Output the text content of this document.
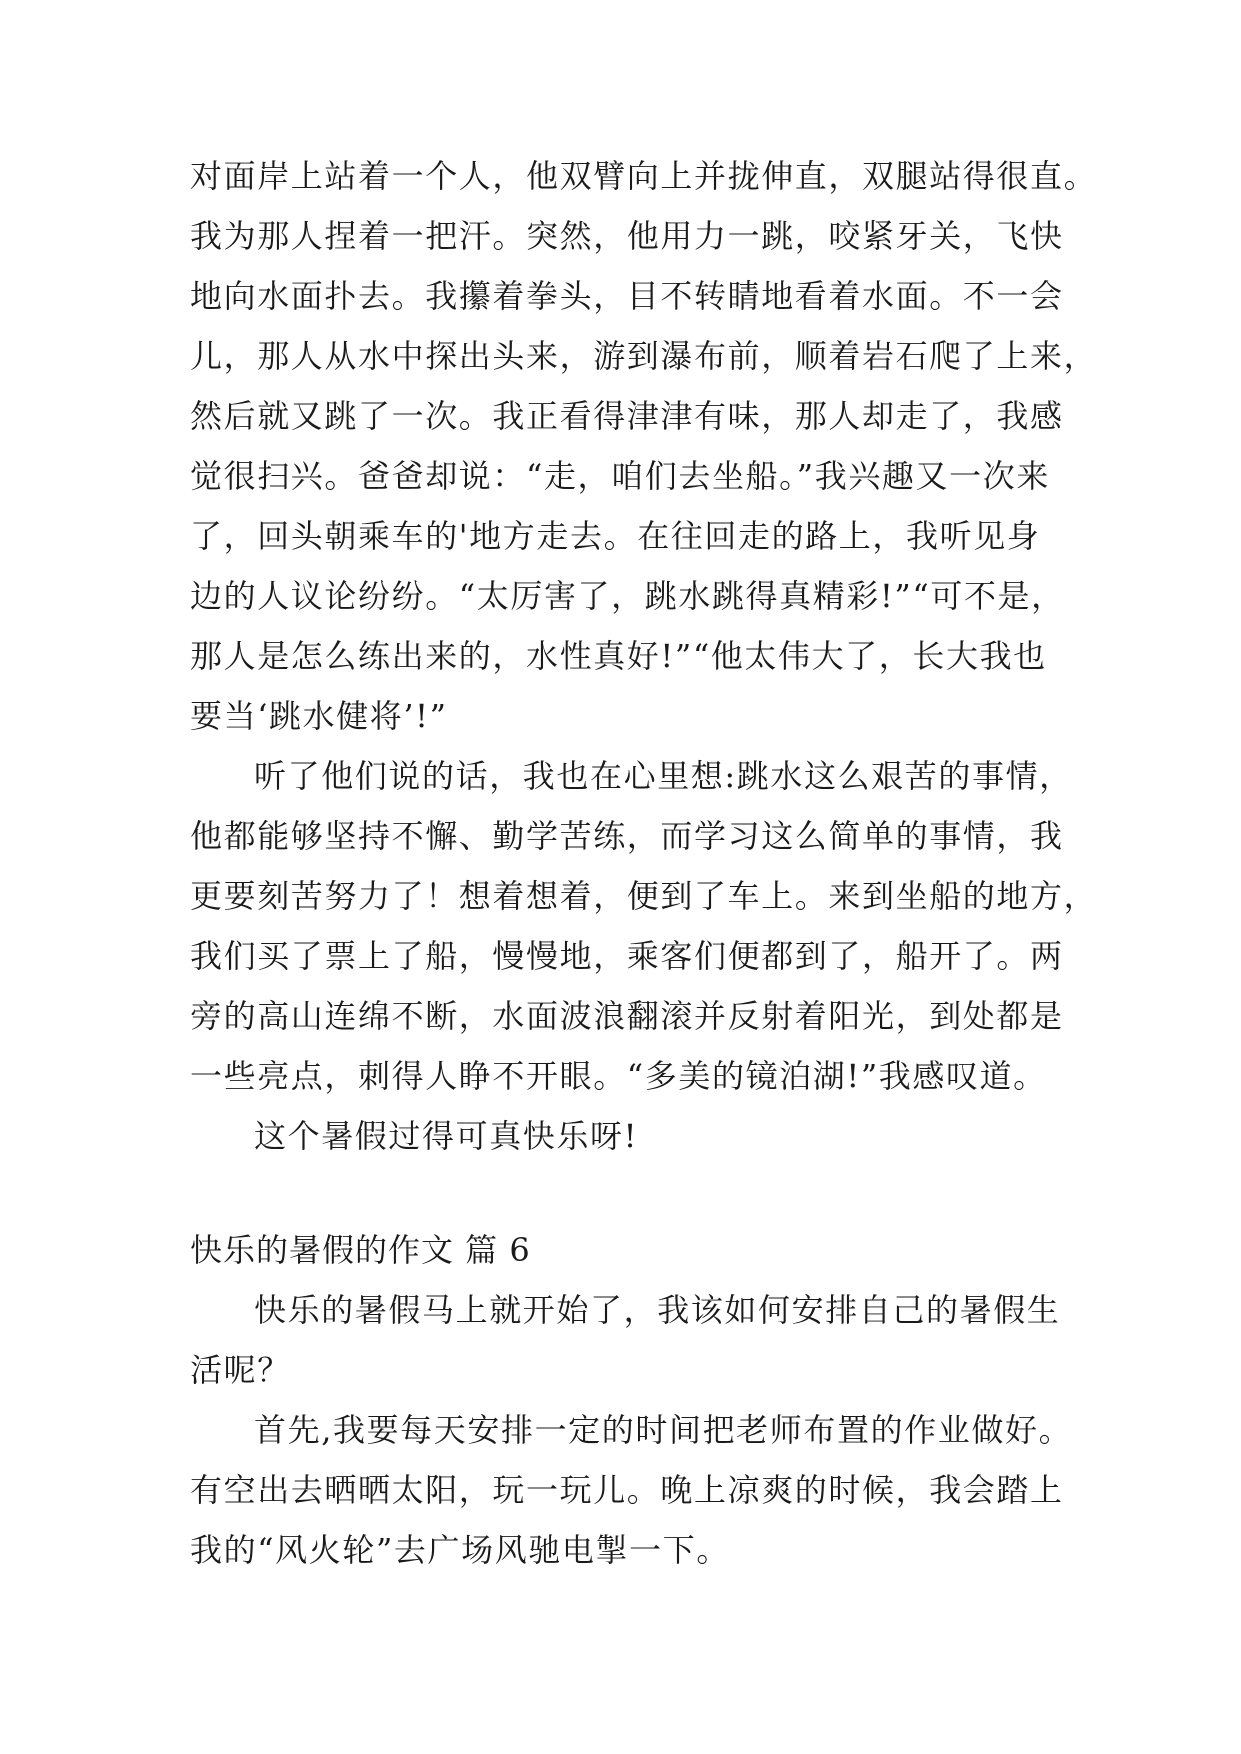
对面岸上站着一个人，他双臂向上并拢伸直，双腿站得很直。
我为那人捏着一把汗。突然，他用力一跳，咬紧牙关，飞快
地向水面扑去。我攥着拳头，目不转睛地看着水面。不一会
儿，那人从水中探出头来，游到瀑布前，顺着岩石爬了上来，
然后就又跳了一次。我正看得津津有味，那人却走了，我感
觉很扫兴。爸爸却说：“走，咱们去坐船。”我兴趣又一次来
了，回头朝乘车的'地方走去。在往回走的路上，我听见身
边的人议论纷纷。“太厉害了，跳水跳得真精彩!”“可不是，
那人是怎么练出来的，水性真好!”“他太伟大了，长大我也
要当‘跳水健将’!”
听了他们说的话，我也在心里想:跳水这么艰苦的事情，
他都能够坚持不懈、勤学苦练，而学习这么简单的事情，我
更要刻苦努力了！想着想着，便到了车上。来到坐船的地方，
我们买了票上了船，慢慢地，乘客们便都到了，船开了。两
旁的高山连绵不断，水面波浪翻滚并反射着阳光，到处都是
一些亮点，刺得人睁不开眼。“多美的镜泊湖!”我感叹道。
这个暑假过得可真快乐呀!
快乐的暑假的作文 篇 6
快乐的暑假马上就开始了，我该如何安排自己的暑假生
活呢？
首先,我要每天安排一定的时间把老师布置的作业做好。
有空出去晒晒太阳，玩一玩儿。晚上凉爽的时候，我会踏上
我的“风火轮”去广场风驰电掣一下。
